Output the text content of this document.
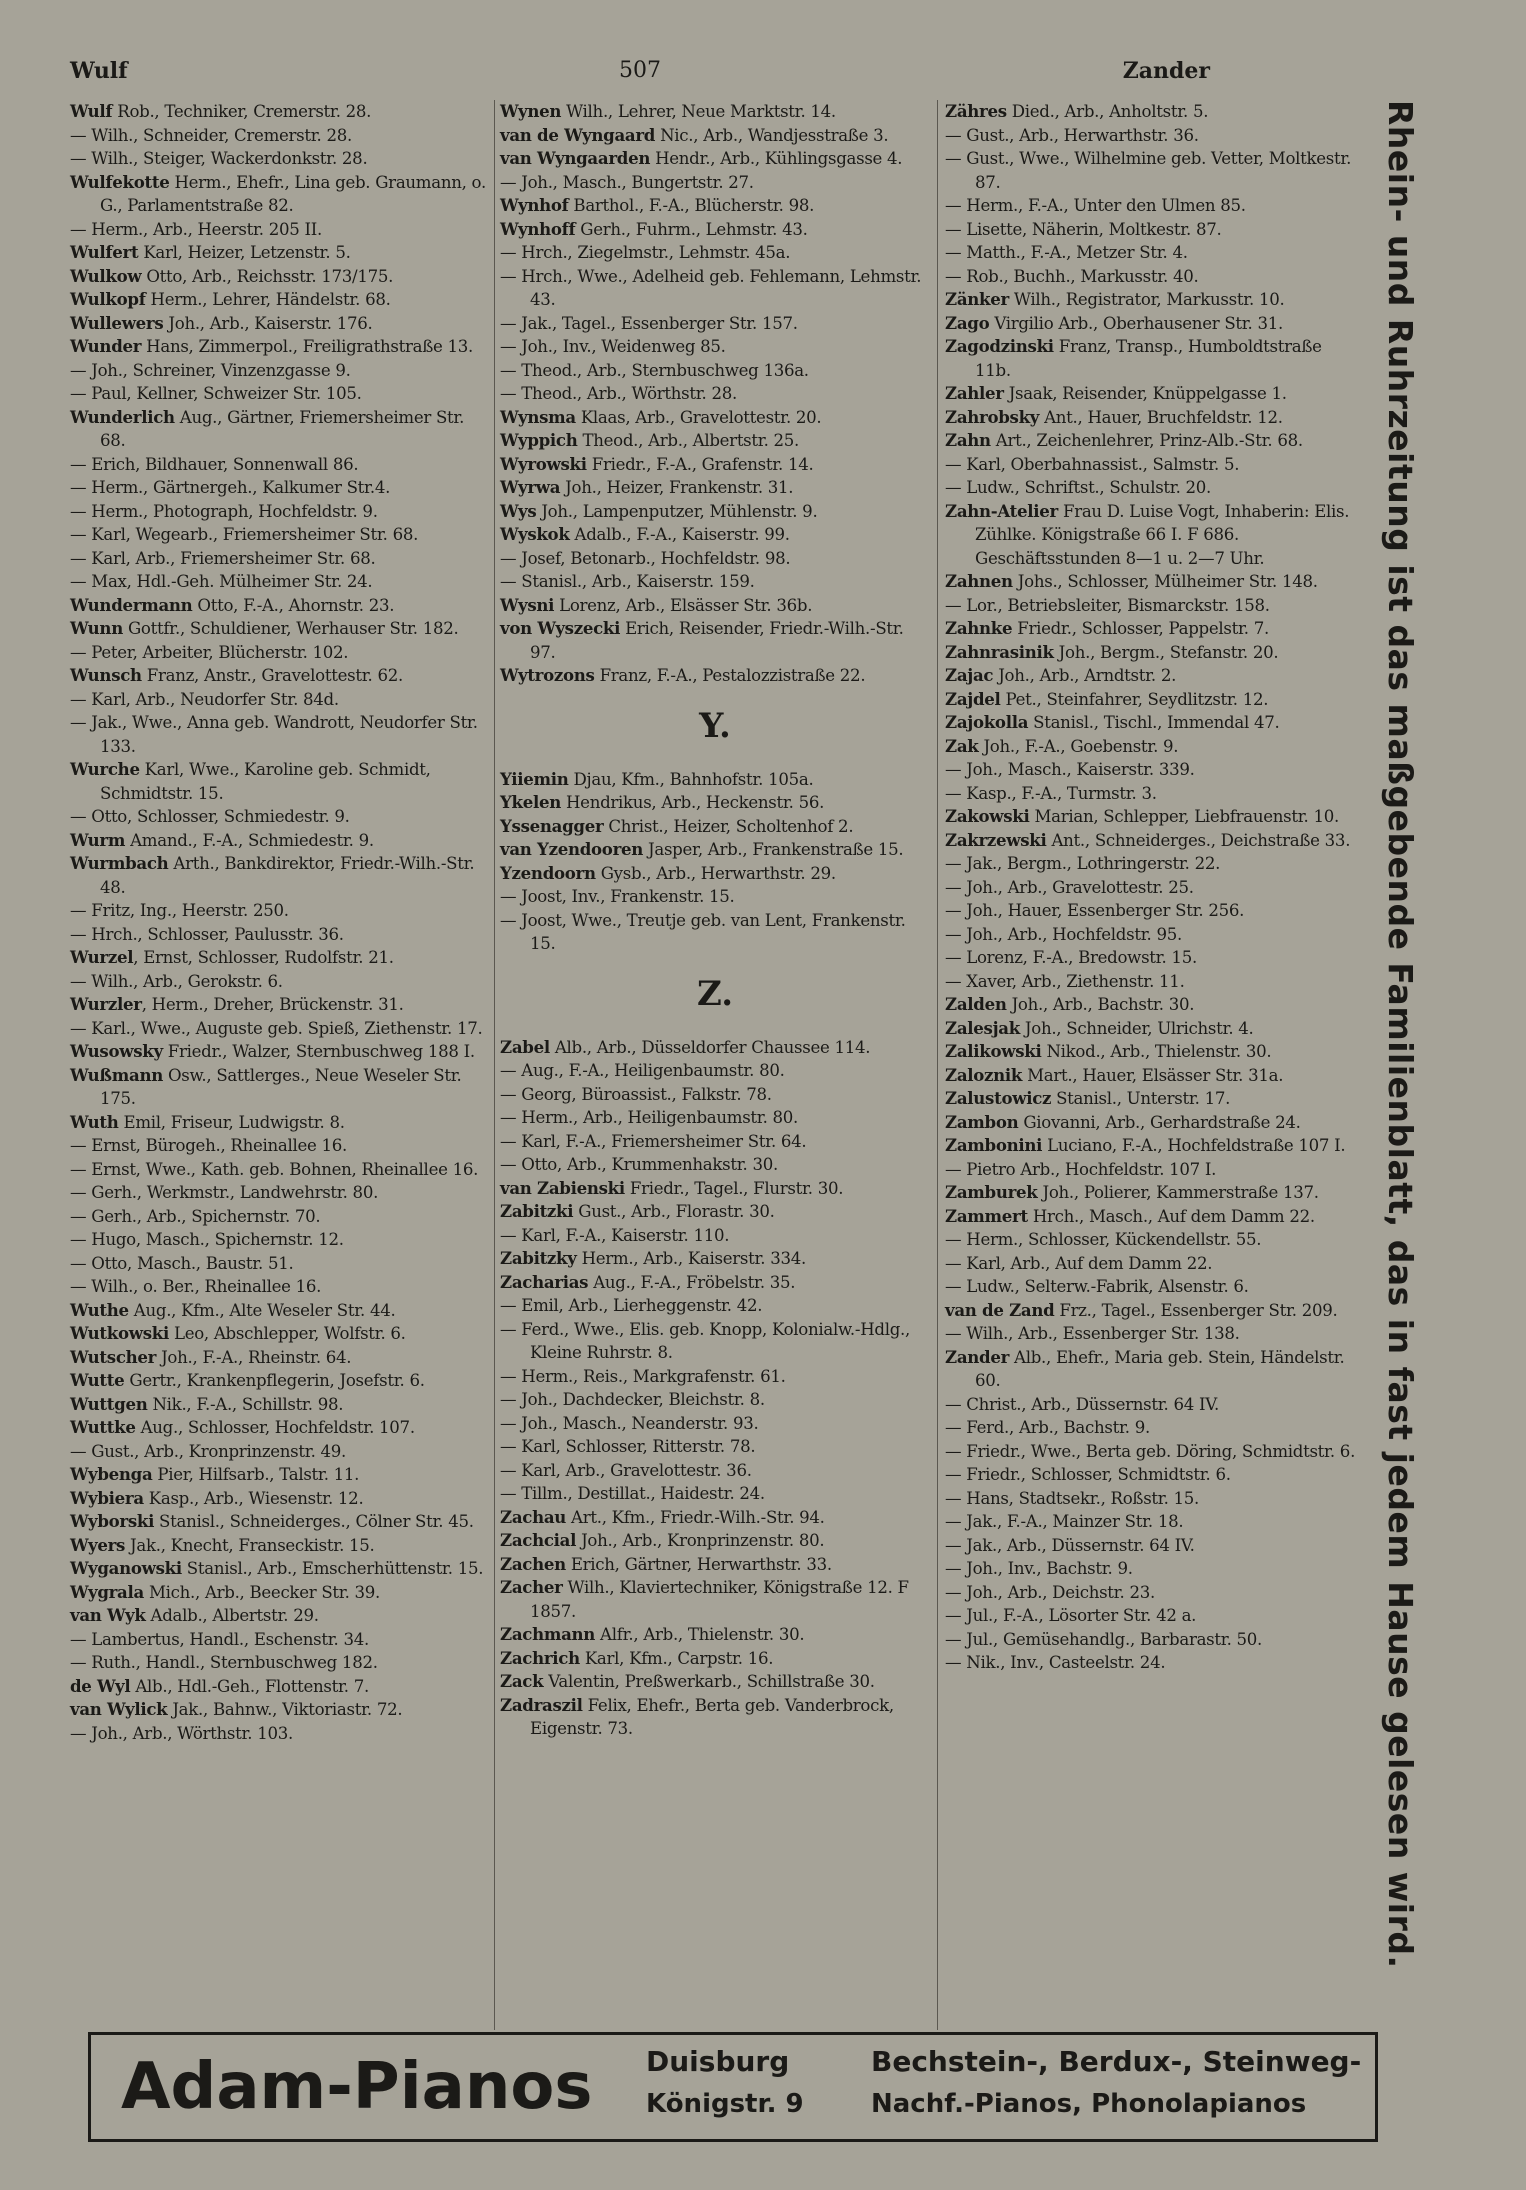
Wulf	507	Zander
Wulf Rob., Techniker, Cremerstr. 28.
— Wilh., Schneider, Cremerstr. 28.
— Wilh., Steiger, Wackerdonkstr. 28.
Wulfekotte Herm., Ehefr., Lina geb. Graumann, o. G., Parlamentstraße 82.
— Herm., Arb., Heerstr. 205 II.
Wulfert Karl, Heizer, Letzenstr. 5.
Wulkow Otto, Arb., Reichsstr. 173/175.
Wulkopf Herm., Lehrer, Händelstr. 68.
Wullewers Joh., Arb., Kaiserstr. 176.
Wunder Hans, Zimmerpol., Freiligrathstraße 13.
— Joh., Schreiner, Vinzenzgasse 9.
— Paul, Kellner, Schweizer Str. 105.
Wunderlich Aug., Gärtner, Friemersheimer Str. 68.
— Erich, Bildhauer, Sonnenwall 86.
— Herm., Gärtnergeh., Kalkumer Str.4.
— Herm., Photograph, Hochfeldstr. 9.
— Karl, Wegearb., Friemersheimer Str. 68.
— Karl, Arb., Friemersheimer Str. 68.
— Max, Hdl.-Geh. Mülheimer Str. 24.
Wundermann Otto, F.-A., Ahornstr. 23.
Wunn Gottfr., Schuldiener, Werhauser Str. 182.
— Peter, Arbeiter, Blücherstr. 102.
Wunsch Franz, Anstr., Gravelottestr. 62.
— Karl, Arb., Neudorfer Str. 84d.
— Jak., Wwe., Anna geb. Wandrott, Neudorfer Str. 133.
Wurche Karl, Wwe., Karoline geb. Schmidt, Schmidtstr. 15.
— Otto, Schlosser, Schmiedestr. 9.
Wurm Amand., F.-A., Schmiedestr. 9.
Wurmbach Arth., Bankdirektor, Friedr.-Wilh.-Str. 48.
— Fritz, Ing., Heerstr. 250.
— Hrch., Schlosser, Paulusstr. 36.
Wurzel, Ernst, Schlosser, Rudolfstr. 21.
— Wilh., Arb., Gerokstr. 6.
Wurzler, Herm., Dreher, Brückenstr. 31.
— Karl., Wwe., Auguste geb. Spieß, Ziethenstr. 17.
Wusowsky Friedr., Walzer, Sternbuschweg 188 I.
Wußmann Osw., Sattlerges., Neue Weseler Str. 175.
Wuth Emil, Friseur, Ludwigstr. 8.
— Ernst, Bürogeh., Rheinallee 16.
— Ernst, Wwe., Kath. geb. Bohnen, Rheinallee 16.
— Gerh., Werkmstr., Landwehrstr. 80.
— Gerh., Arb., Spichernstr. 70.
— Hugo, Masch., Spichernstr. 12.
— Otto, Masch., Baustr. 51.
— Wilh., o. Ber., Rheinallee 16.
Wuthe Aug., Kfm., Alte Weseler Str. 44.
Wutkowski Leo, Abschlepper, Wolfstr. 6.
Wutscher Joh., F.-A., Rheinstr. 64.
Wutte Gertr., Krankenpflegerin, Josefstr. 6.
Wuttgen Nik., F.-A., Schillstr. 98.
Wuttke Aug., Schlosser, Hochfeldstr. 107.
— Gust., Arb., Kronprinzenstr. 49.
Wybenga Pier, Hilfsarb., Talstr. 11.
Wybiera Kasp., Arb., Wiesenstr. 12.
Wyborski Stanisl., Schneiderges., Cölner Str. 45.
Wyers Jak., Knecht, Franseckistr. 15.
Wyganowski Stanisl., Arb., Emscherhüttenstr. 15.
Wygrala Mich., Arb., Beecker Str. 39.
van Wyk Adalb., Albertstr. 29.
— Lambertus, Handl., Eschenstr. 34.
— Ruth., Handl., Sternbuschweg 182.
de Wyl Alb., Hdl.-Geh., Flottenstr. 7.
van Wylick Jak., Bahnw., Viktoriastr. 72.
— Joh., Arb., Wörthstr. 103.
Wynen Wilh., Lehrer, Neue Marktstr. 14.
van de Wyngaard Nic., Arb., Wandjesstraße 3.
van Wyngaarden Hendr., Arb., Kühlingsgasse 4.
— Joh., Masch., Bungertstr. 27.
Wynhof Barthol., F.-A., Blücherstr. 98.
Wynhoff Gerh., Fuhrm., Lehmstr. 43.
— Hrch., Ziegelmstr., Lehmstr. 45a.
— Hrch., Wwe., Adelheid geb. Fehlemann, Lehmstr. 43.
— Jak., Tagel., Essenberger Str. 157.
— Joh., Inv., Weidenweg 85.
— Theod., Arb., Sternbuschweg 136a.
— Theod., Arb., Wörthstr. 28.
Wynsma Klaas, Arb., Gravelottestr. 20.
Wyppich Theod., Arb., Albertstr. 25.
Wyrowski Friedr., F.-A., Grafenstr. 14.
Wyrwa Joh., Heizer, Frankenstr. 31.
Wys Joh., Lampenputzer, Mühlenstr. 9.
Wyskok Adalb., F.-A., Kaiserstr. 99.
— Josef, Betonarb., Hochfeldstr. 98.
— Stanisl., Arb., Kaiserstr. 159.
Wysni Lorenz, Arb., Elsässer Str. 36b.
von Wyszecki Erich, Reisender, Friedr.-Wilh.-Str. 97.
Wytrozons Franz, F.-A., Pestalozzistraße 22.
Y.
Yiiemin Djau, Kfm., Bahnhofstr. 105a.
Ykelen Hendrikus, Arb., Heckenstr. 56.
Yssenagger Christ., Heizer, Scholtenhof 2.
van Yzendooren Jasper, Arb., Frankenstraße 15.
Yzendoorn Gysb., Arb., Herwarthstr. 29.
— Joost, Inv., Frankenstr. 15.
— Joost, Wwe., Treutje geb. van Lent, Frankenstr. 15.
Z.
Zabel Alb., Arb., Düsseldorfer Chaussee 114.
— Aug., F.-A., Heiligenbaumstr. 80.
— Georg, Büroassist., Falkstr. 78.
— Herm., Arb., Heiligenbaumstr. 80.
— Karl, F.-A., Friemersheimer Str. 64.
— Otto, Arb., Krummenhakstr. 30.
van Zabienski Friedr., Tagel., Flurstr. 30.
Zabitzki Gust., Arb., Florastr. 30.
— Karl, F.-A., Kaiserstr. 110.
Zabitzky Herm., Arb., Kaiserstr. 334.
Zacharias Aug., F.-A., Fröbelstr. 35.
— Emil, Arb., Lierheggenstr. 42.
— Ferd., Wwe., Elis. geb. Knopp, Kolonialw.-Hdlg., Kleine Ruhrstr. 8.
— Herm., Reis., Markgrafenstr. 61.
— Joh., Dachdecker, Bleichstr. 8.
— Joh., Masch., Neanderstr. 93.
— Karl, Schlosser, Ritterstr. 78.
— Karl, Arb., Gravelottestr. 36.
— Tillm., Destillat., Haidestr. 24.
Zachau Art., Kfm., Friedr.-Wilh.-Str. 94.
Zachcial Joh., Arb., Kronprinzenstr. 80.
Zachen Erich, Gärtner, Herwarthstr. 33.
Zacher Wilh., Klaviertechniker, Königstraße 12. F 1857.
Zachmann Alfr., Arb., Thielenstr. 30.
Zachrich Karl, Kfm., Carpstr. 16.
Zack Valentin, Preßwerkarb., Schillstraße 30.
Zadraszil Felix, Ehefr., Berta geb. Vanderbrock, Eigenstr. 73.
Zähres Died., Arb., Anholtstr. 5.
— Gust., Arb., Herwarthstr. 36.
— Gust., Wwe., Wilhelmine geb. Vetter, Moltkestr. 87.
— Herm., F.-A., Unter den Ulmen 85.
— Lisette, Näherin, Moltkestr. 87.
— Matth., F.-A., Metzer Str. 4.
— Rob., Buchh., Markusstr. 40.
Zänker Wilh., Registrator, Markusstr. 10.
Zago Virgilio Arb., Oberhausener Str. 31.
Zagodzinski Franz, Transp., Humboldtstraße 11b.
Zahler Jsaak, Reisender, Knüppelgasse 1.
Zahrobsky Ant., Hauer, Bruchfeldstr. 12.
Zahn Art., Zeichenlehrer, Prinz-Alb.-Str. 68.
— Karl, Oberbahnassist., Salmstr. 5.
— Ludw., Schriftst., Schulstr. 20.
Zahn-Atelier Frau D. Luise Vogt, Inhaberin: Elis. Zühlke. Königstraße 66 I. F 686. Geschäftsstunden 8—1 u. 2—7 Uhr.
Zahnen Johs., Schlosser, Mülheimer Str. 148.
— Lor., Betriebsleiter, Bismarckstr. 158.
Zahnke Friedr., Schlosser, Pappelstr. 7.
Zahnrasinik Joh., Bergm., Stefanstr. 20.
Zajac Joh., Arb., Arndtstr. 2.
Zajdel Pet., Steinfahrer, Seydlitzstr. 12.
Zajokolla Stanisl., Tischl., Immendal 47.
Zak Joh., F.-A., Goebenstr. 9.
— Joh., Masch., Kaiserstr. 339.
— Kasp., F.-A., Turmstr. 3.
Zakowski Marian, Schlepper, Liebfrauenstr. 10.
Zakrzewski Ant., Schneiderges., Deichstraße 33.
— Jak., Bergm., Lothringerstr. 22.
— Joh., Arb., Gravelottestr. 25.
— Joh., Hauer, Essenberger Str. 256.
— Joh., Arb., Hochfeldstr. 95.
— Lorenz, F.-A., Bredowstr. 15.
— Xaver, Arb., Ziethenstr. 11.
Zalden Joh., Arb., Bachstr. 30.
Zalesjak Joh., Schneider, Ulrichstr. 4.
Zalikowski Nikod., Arb., Thielenstr. 30.
Zaloznik Mart., Hauer, Elsässer Str. 31a.
Zalustowicz Stanisl., Unterstr. 17.
Zambon Giovanni, Arb., Gerhardstraße 24.
Zambonini Luciano, F.-A., Hochfeldstraße 107 I.
— Pietro Arb., Hochfeldstr. 107 I.
Zamburek Joh., Polierer, Kammerstraße 137.
Zammert Hrch., Masch., Auf dem Damm 22.
— Herm., Schlosser, Kückendellstr. 55.
— Karl, Arb., Auf dem Damm 22.
— Ludw., Selterw.-Fabrik, Alsenstr. 6.
van de Zand Frz., Tagel., Essenberger Str. 209.
— Wilh., Arb., Essenberger Str. 138.
Zander Alb., Ehefr., Maria geb. Stein, Händelstr. 60.
— Christ., Arb., Düssernstr. 64 IV.
— Ferd., Arb., Bachstr. 9.
— Friedr., Wwe., Berta geb. Döring, Schmidtstr. 6.
— Friedr., Schlosser, Schmidtstr. 6.
— Hans, Stadtsekr., Roßstr. 15.
— Jak., F.-A., Mainzer Str. 18.
— Jak., Arb., Düssernstr. 64 IV.
— Joh., Inv., Bachstr. 9.
— Joh., Arb., Deichstr. 23.
— Jul., F.-A., Lösorter Str. 42 a.
— Jul., Gemüsehandlg., Barbarastr. 50.
— Nik., Inv., Casteelstr. 24.	Rhein- und Ruhrzeitung ist das maßgebende Familienblatt, das in fast jedem Hause gelesen wird.
Adam-Pianos Duisburg
Königstr. 9
Bechstein-, Berdux-, Steinweg-
Nachf.-Pianos, Phonolapianos
